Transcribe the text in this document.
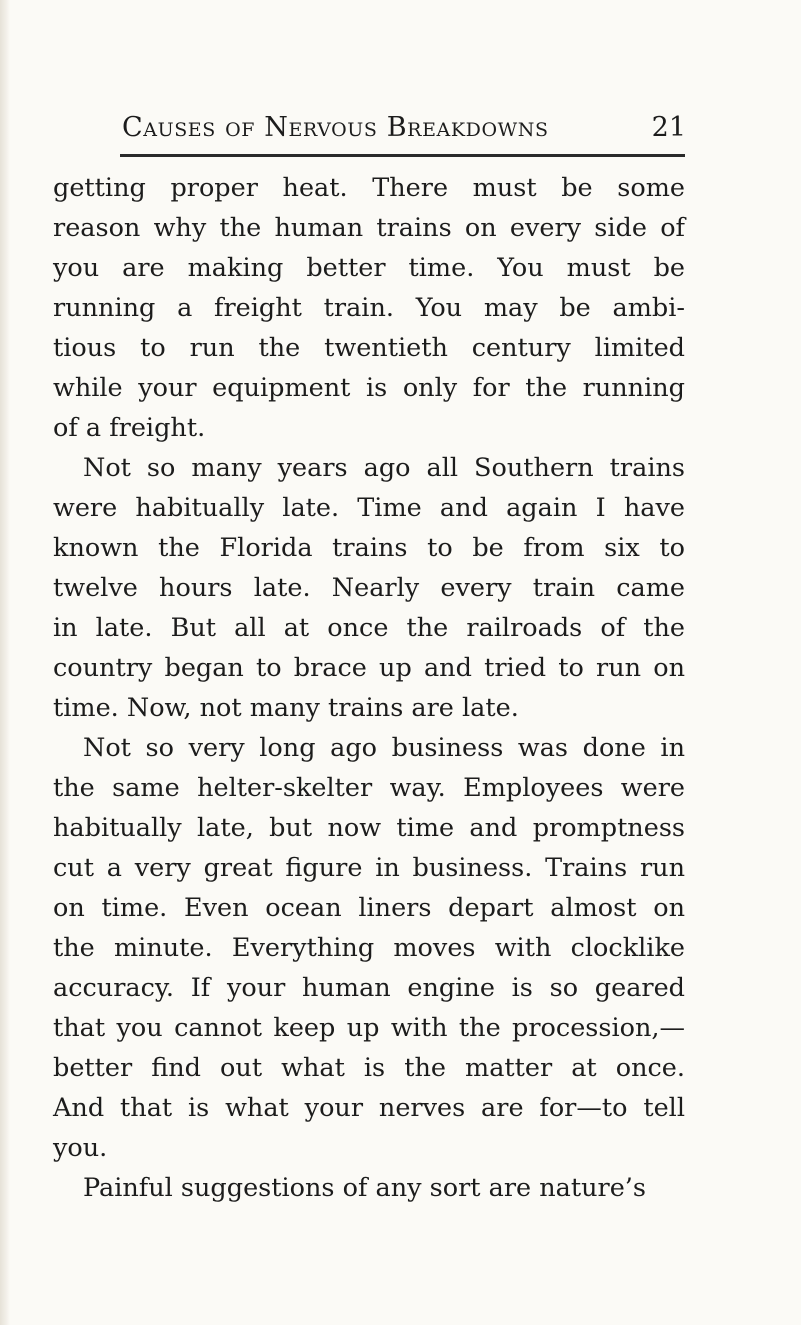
Causes of Nervous Breakdowns	21
getting proper heat. There must be some
reason why the human trains on every side of
you are making better time. You must be
running a freight train. You may be ambi-
tious to run the twentieth century limited
while your equipment is only for the running
of a freight.
Not so many years ago all Southern trains
were habitually late. Time and again I have
known the Florida trains to be from six to
twelve hours late. Nearly every train came
in late. But all at once the railroads of the
country began to brace up and tried to run on
time. Now, not many trains are late.
Not so very long ago business was done in
the same helter-skelter way. Employees were
habitually late, but now time and promptness
cut a very great figure in business. Trains run
on time. Even ocean liners depart almost on
the minute. Everything moves with clocklike
accuracy. If your human engine is so geared
that you cannot keep up with the procession,—
better find out what is the matter at once.
And that is what your nerves are for—to tell
you.
Painful suggestions of any sort are nature’s
